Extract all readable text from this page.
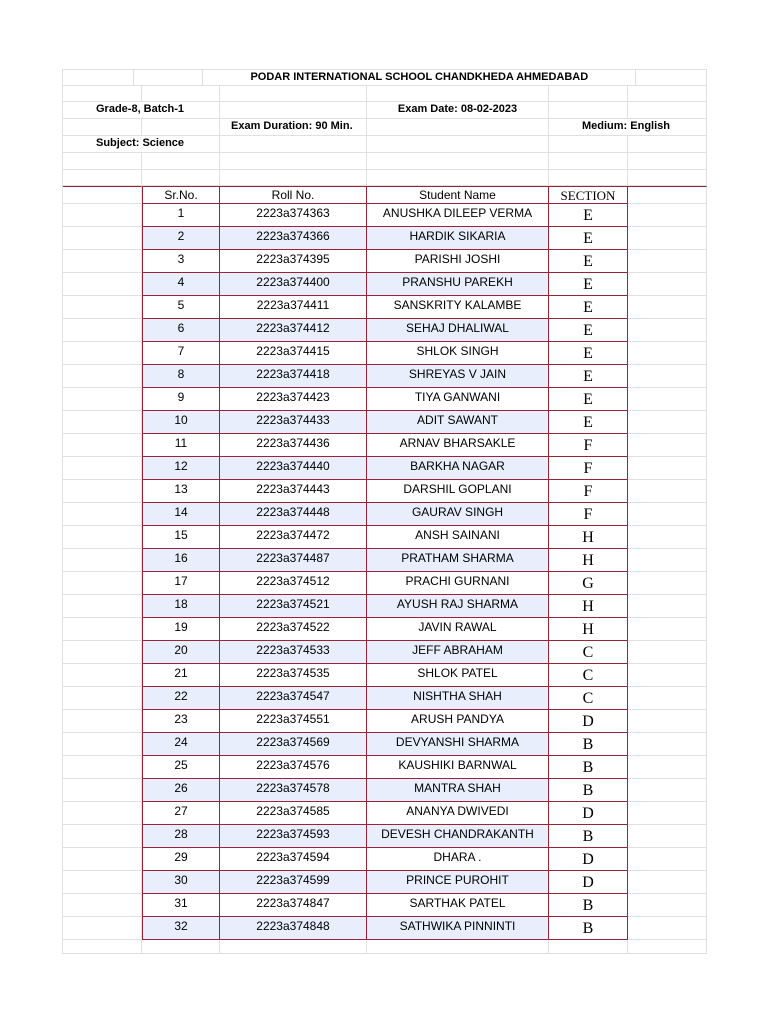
PODAR INTERNATIONAL SCHOOL CHANDKHEDA AHMEDABAD
Grade-8, Batch-1	Exam Date: 08-02-2023
Exam Duration: 90 Min.	Medium: English
Subject: Science
Sr.No.	Roll No.	Student Name	SECTION
1	2223a374363	ANUSHKA DILEEP VERMA	E
2	2223a374366	HARDIK SIKARIA	E
3	2223a374395	PARISHI JOSHI	E
4	2223a374400	PRANSHU PAREKH	E
5	2223a374411	SANSKRITY KALAMBE	E
6	2223a374412	SEHAJ DHALIWAL	E
7	2223a374415	SHLOK SINGH	E
8	2223a374418	SHREYAS V JAIN	E
9	2223a374423	TIYA GANWANI	E
10	2223a374433	ADIT SAWANT	E
11	2223a374436	ARNAV BHARSAKLE	F
12	2223a374440	BARKHA NAGAR	F
13	2223a374443	DARSHIL GOPLANI	F
14	2223a374448	GAURAV SINGH	F
15	2223a374472	ANSH SAINANI	H
16	2223a374487	PRATHAM SHARMA	H
17	2223a374512	PRACHI GURNANI	G
18	2223a374521	AYUSH RAJ SHARMA	H
19	2223a374522	JAVIN RAWAL	H
20	2223a374533	JEFF ABRAHAM	C
21	2223a374535	SHLOK PATEL	C
22	2223a374547	NISHTHA SHAH	C
23	2223a374551	ARUSH PANDYA	D
24	2223a374569	DEVYANSHI SHARMA	B
25	2223a374576	KAUSHIKI BARNWAL	B
26	2223a374578	MANTRA SHAH	B
27	2223a374585	ANANYA DWIVEDI	D
28	2223a374593	DEVESH CHANDRAKANTH	B
29	2223a374594	DHARA .	D
30	2223a374599	PRINCE PUROHIT	D
31	2223a374847	SARTHAK PATEL	B
32	2223a374848	SATHWIKA PINNINTI	B
